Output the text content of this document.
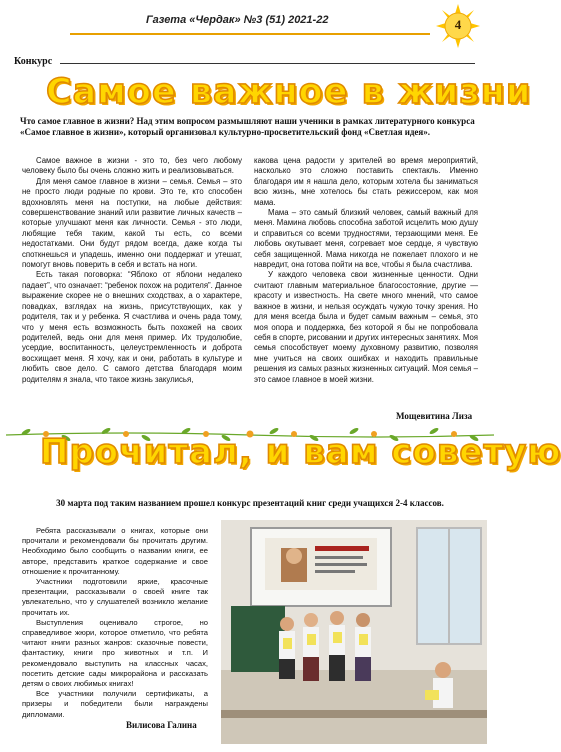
Газета «Чердак» №3 (51) 2021-22	4
Конкурс
Самое важное в жизни
Что самое главное в жизни? Над этим вопросом размышляют наши ученики в рамках литературного конкурса «Самое главное в жизни», который организовал культурно-просветительский фонд «Светлая идея».

Самое важное в жизни - это то, без чего любому человеку было бы очень сложно жить и реализовываться.

Для меня самое главное в жизни – семья. Семья – это не просто люди родные по крови. Это те, кто способен вдохновлять меня на поступки, на любые действия: совершенствование знаний или развитие личных качеств – которые улучшают меня как личности. Семья - это люди, любящие тебя таким, какой ты есть, со всеми недостатками. Они будут рядом всегда, даже когда ты споткнешься и упадешь, именно они поддержат и утешат, помогут вновь поверить в себя и встать на ноги.

Есть такая поговорка: “Яблоко от яблони недалеко падает”, что означает: “ребенок похож на родителя”. Данное выражение скорее не о внешних сходствах, а о характере, повадках, взглядах на жизнь, присутствующих, как у родителя, так и у ребенка. Я счастлива и очень рада тому, что у меня есть возможность быть похожей на своих родителей, ведь они для меня пример. Их трудолюбие, усердие, воспитанность, целеустремленность и доброта восхищает меня. Я хочу, как и они, работать в культуре и любить свое дело. С самого детства благодаря моим родителям я знала, что такое жизнь закулисья,

какова цена радости у зрителей во время мероприятий, насколько это сложно поставить спектакль. Именно благодаря им я нашла дело, которым хотела бы заниматься всю жизнь, мне хотелось бы стать режиссером, как моя мама.

Мама – это самый близкий человек, самый важный для меня. Мамина любовь способна заботой исцелить мою душу и справиться со всеми трудностями, терзающими меня. Ее любовь окутывает меня, согревает мое сердце, я чувствую себя защищенной. Мама никогда не пожелает плохого и не навредит, она готова пойти на все, чтобы я была счастлива.

У каждого человека свои жизненные ценности. Одни считают главным материальное благосостояние, другие — красоту и известность. На свете много мнений, что самое важное в жизни, и нельзя осуждать чужую точку зрения. Но для меня всегда была и будет самым важным – семья, это моя опора и поддержка, без которой я бы не попробовала себя в спорте, рисовании и других интересных занятиях. Моя семья способствует моему духовному развитию, позволяя мне учиться на своих ошибках и находить правильные решения из самых разных жизненных ситуаций. Моя семья – это самое главное в моей жизни.

Мощевитина Лиза
Прочитал, и вам советую
30 марта под таким названием прошел конкурс презентаций книг среди учащихся 2-4 классов.

Ребята рассказывали о книгах, которые они прочитали и рекомендовали бы прочитать другим. Необходимо было сообщить о названии книги, ее авторе, представить краткое содержание и свое отношение к прочитанному.

Участники подготовили яркие, красочные презентации, рассказывали о своей книге так увлекательно, что у слушателей возникло желание прочитать их.

Выступления оценивало строгое, но справедливое жюри, которое отметило, что ребята читают книги разных жанров: сказочные повести, фантастику, книги про животных и т.п. И рекомендовало выступить на классных часах, посетить детские сады микрорайона и рассказать детям о своих любимых книгах!

Все участники получили сертификаты, а призеры и победители были награждены дипломами.

Вилисова Галина
